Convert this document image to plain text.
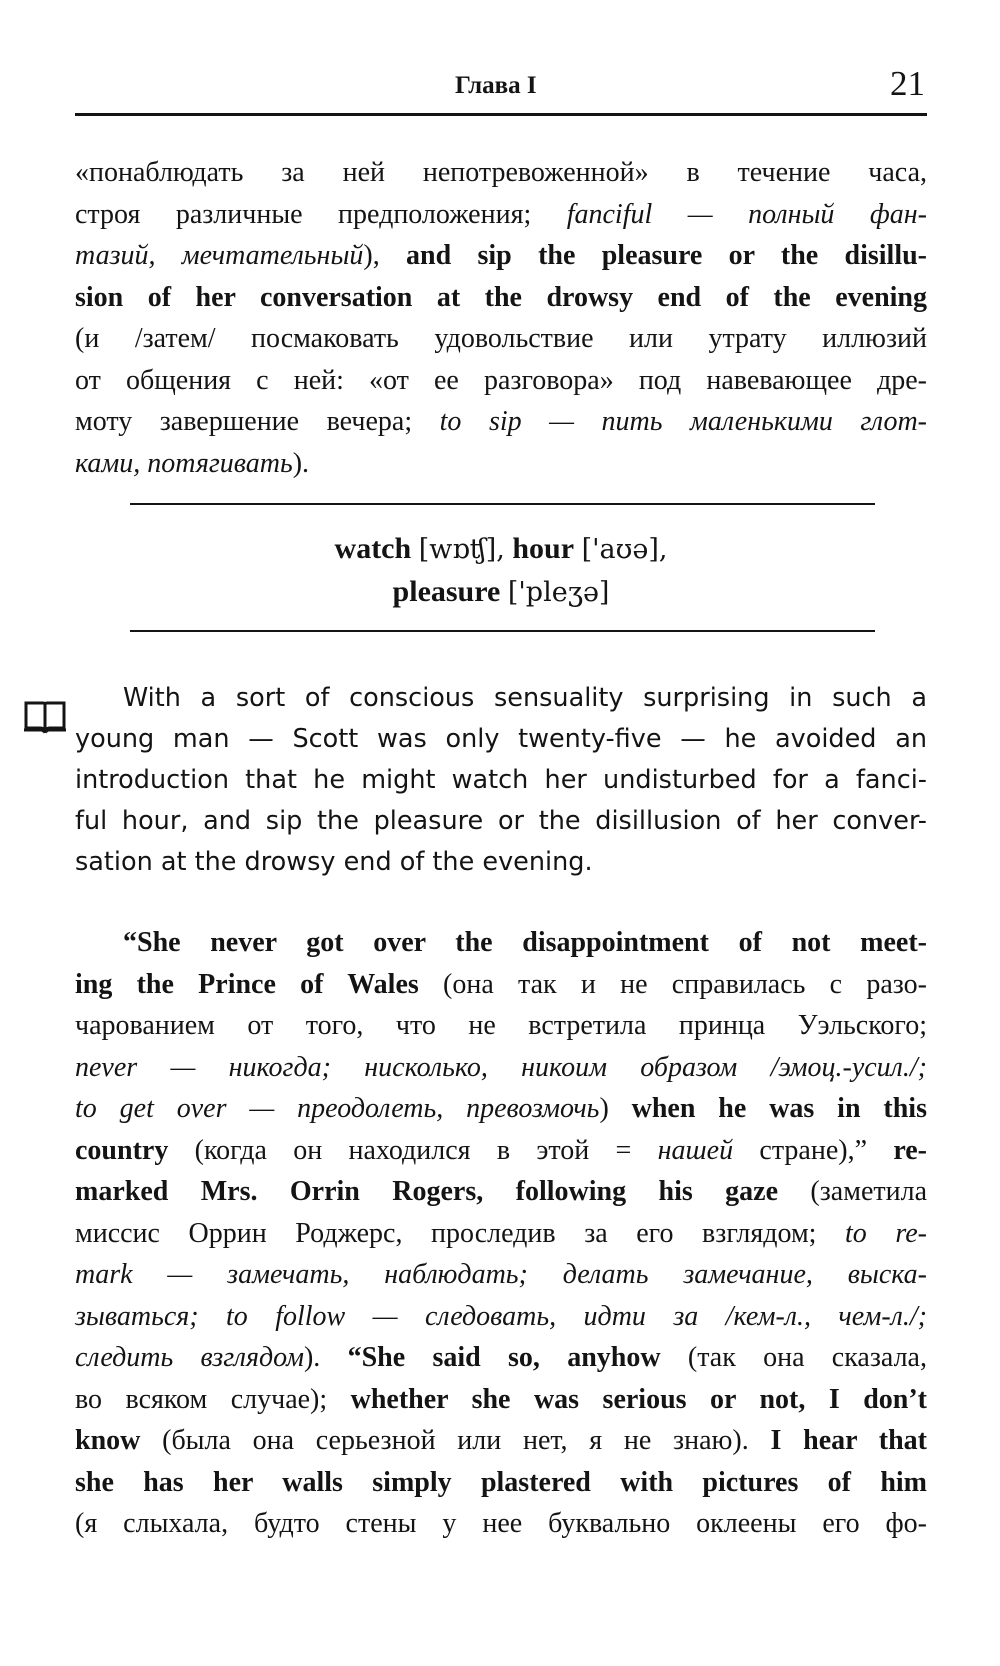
Глава I	21
«понаблюдать за ней непотревоженной» в течение часа,
строя различные предположения; fanciful — полный фан-
тазий, мечтательный), and sip the pleasure or the disillu-
sion of her conversation at the drowsy end of the evening
(и /затем/ посмаковать удовольствие или утрату иллюзий
от общения с ней: «от ее разговора» под навевающее дре-
моту завершение вечера; to sip — пить маленькими глот-
ками, потягивать).
watch [wɒʧ], hour ['aʊə],
pleasure ['pleʒə]
With a sort of conscious sensuality surprising in such a
young man — Scott was only twenty-five — he avoided an
introduction that he might watch her undisturbed for a fanci-
ful hour, and sip the pleasure or the disillusion of her conver-
sation at the drowsy end of the evening.
“She never got over the disappointment of not meet-
ing the Prince of Wales (она так и не справилась с разо-
чарованием от того, что не встретила принца Уэльского;
never — никогда; нисколько, никоим образом /эмоц.-усил./;
to get over — преодолеть, превозмочь) when he was in this
country (когда он находился в этой = нашей стране),” re-
marked Mrs. Orrin Rogers, following his gaze (заметила
миссис Оррин Роджерс, проследив за его взглядом; to re-
mark — замечать, наблюдать; делать замечание, выска-
зываться; to follow — следовать, идти за /кем-л., чем-л./;
следить взглядом). “She said so, anyhow (так она сказала,
во всяком случае); whether she was serious or not, I don’t
know (была она серьезной или нет, я не знаю). I hear that
she has her walls simply plastered with pictures of him
(я слыхала, будто стены у нее буквально оклеены его фо-
